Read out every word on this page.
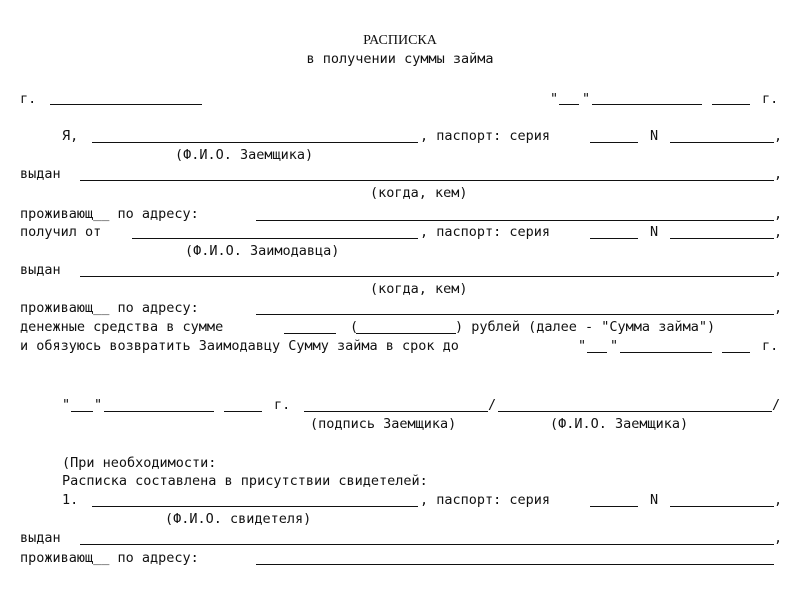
РАСПИСКА
в получении суммы займа
г.	" "	г.
Я,	, паспорт: серия	N	,
(Ф.И.О. Заемщика)
выдан	,
(когда, кем)
проживающ__ по адресу:	,
получил от	, паспорт: серия	N	,
(Ф.И.О. Заимодавца)
выдан	,
(когда, кем)
проживающ__ по адресу:	,
денежные средства в сумме	(	) рублей (далее - "Сумма займа")
и обязуюсь возвратить Заимодавцу Сумму займа в срок до	" "	г.
" "	г.	/	/
(подпись Заемщика)	(Ф.И.О. Заемщика)
(При необходимости:
Расписка составлена в присутствии свидетелей:
1.	, паспорт: серия	N	,
(Ф.И.О. свидетеля)
выдан	,
проживающ__ по адресу:
